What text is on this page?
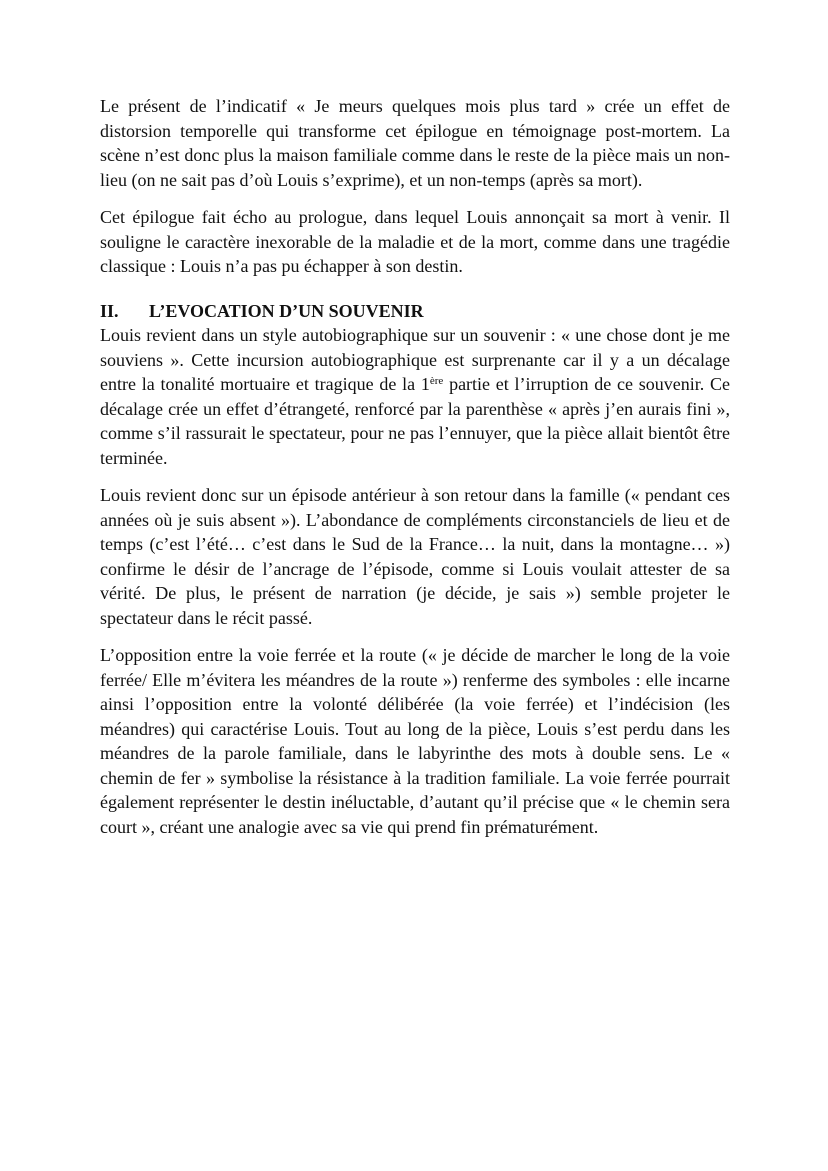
Le présent de l’indicatif « Je meurs quelques mois plus tard » crée un effet de distorsion temporelle qui transforme cet épilogue en témoignage post-mortem. La scène n’est donc plus la maison familiale comme dans le reste de la pièce mais un non-lieu (on ne sait pas d’où Louis s’exprime), et un non-temps (après sa mort).

Cet épilogue fait écho au prologue, dans lequel Louis annonçait sa mort à venir. Il souligne le caractère inexorable de la maladie et de la mort, comme dans une tragédie classique : Louis n’a pas pu échapper à son destin.

II.	L’EVOCATION D’UN SOUVENIR

Louis revient dans un style autobiographique sur un souvenir : « une chose dont je me souviens ». Cette incursion autobiographique est surprenante car il y a un décalage entre la tonalité mortuaire et tragique de la 1ère partie et l’irruption de ce souvenir. Ce décalage crée un effet d’étrangeté, renforcé par la parenthèse « après j’en aurais fini », comme s’il rassurait le spectateur, pour ne pas l’ennuyer, que la pièce allait bientôt être terminée.

Louis revient donc sur un épisode antérieur à son retour dans la famille (« pendant ces années où je suis absent »). L’abondance de compléments circonstanciels de lieu et de temps (c’est l’été… c’est dans le Sud de la France… la nuit, dans la montagne… ») confirme le désir de l’ancrage de l’épisode, comme si Louis voulait attester de sa vérité. De plus, le présent de narration (je décide, je sais ») semble projeter le spectateur dans le récit passé.

L’opposition entre la voie ferrée et la route (« je décide de marcher le long de la voie ferrée/ Elle m’évitera les méandres de la route ») renferme des symboles : elle incarne ainsi l’opposition entre la volonté délibérée (la voie ferrée) et l’indécision (les méandres) qui caractérise Louis. Tout au long de la pièce, Louis s’est perdu dans les méandres de la parole familiale, dans le labyrinthe des mots à double sens. Le « chemin de fer » symbolise la résistance à la tradition familiale. La voie ferrée pourrait également représenter le destin inéluctable, d’autant qu’il précise que « le chemin sera court », créant une analogie avec sa vie qui prend fin prématurément.
